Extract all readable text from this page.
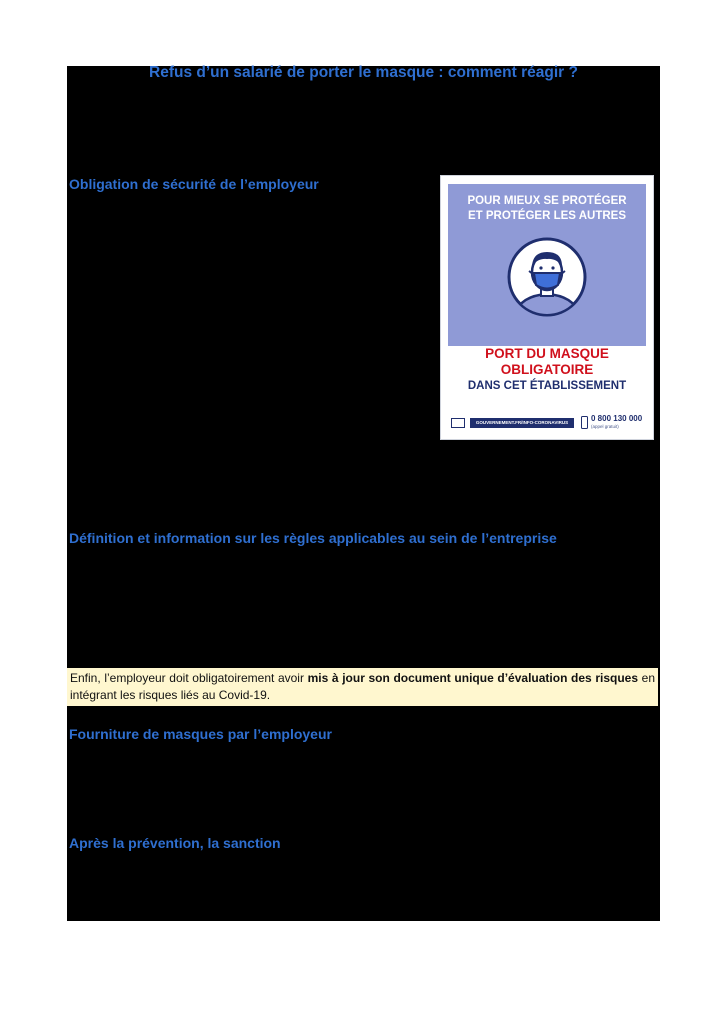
Refus d’un salarié de porter le masque : comment réagir ?
Obligation de sécurité de l’employeur
Définition et information sur les règles applicables au sein de l’entreprise
Fourniture de masques par l’employeur
Après la prévention, la sanction
Enfin, l’employeur doit obligatoirement avoir mis à jour son document unique d’évaluation des risques en intégrant les risques liés au Covid-19.
POUR MIEUX SE PROTÉGER
ET PROTÉGER LES AUTRES
PORT DU MASQUE
OBLIGATOIRE
DANS CET ÉTABLISSEMENT
GOUVERNEMENT.FR/INFO-CORONAVIRUS	0 800 130 000
(appel gratuit)
